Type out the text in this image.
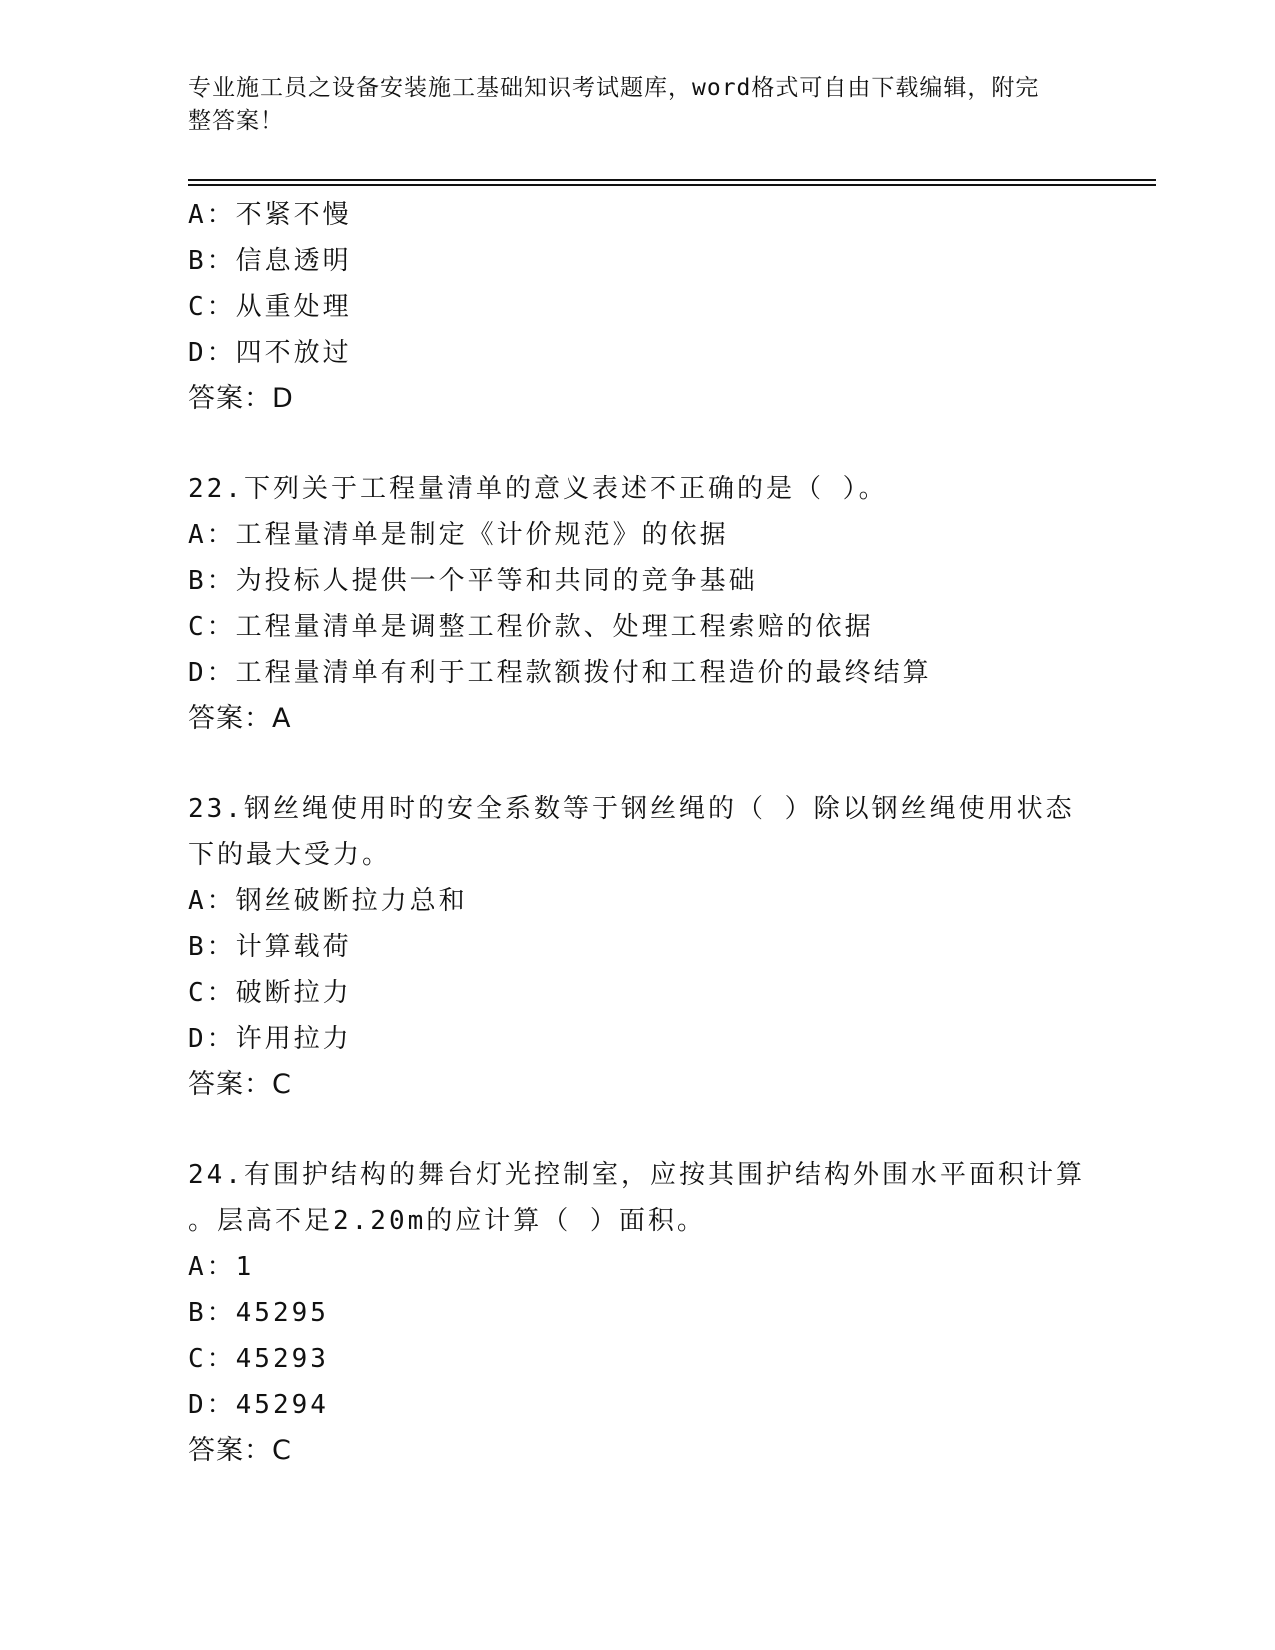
专业施工员之设备安装施工基础知识考试题库，word格式可自由下载编辑，附完
整答案！
A：不紧不慢
B：信息透明
C：从重处理
D：四不放过
答案：D
22.下列关于工程量清单的意义表述不正确的是（ ）。
A：工程量清单是制定《计价规范》的依据
B：为投标人提供一个平等和共同的竞争基础
C：工程量清单是调整工程价款、处理工程索赔的依据
D：工程量清单有利于工程款额拨付和工程造价的最终结算
答案：A
23.钢丝绳使用时的安全系数等于钢丝绳的（ ）除以钢丝绳使用状态
下的最大受力。
A：钢丝破断拉力总和
B：计算载荷
C：破断拉力
D：许用拉力
答案：C
24.有围护结构的舞台灯光控制室，应按其围护结构外围水平面积计算
。层高不足2.20m的应计算（ ）面积。
A：1
B：45295
C：45293
D：45294
答案：C
